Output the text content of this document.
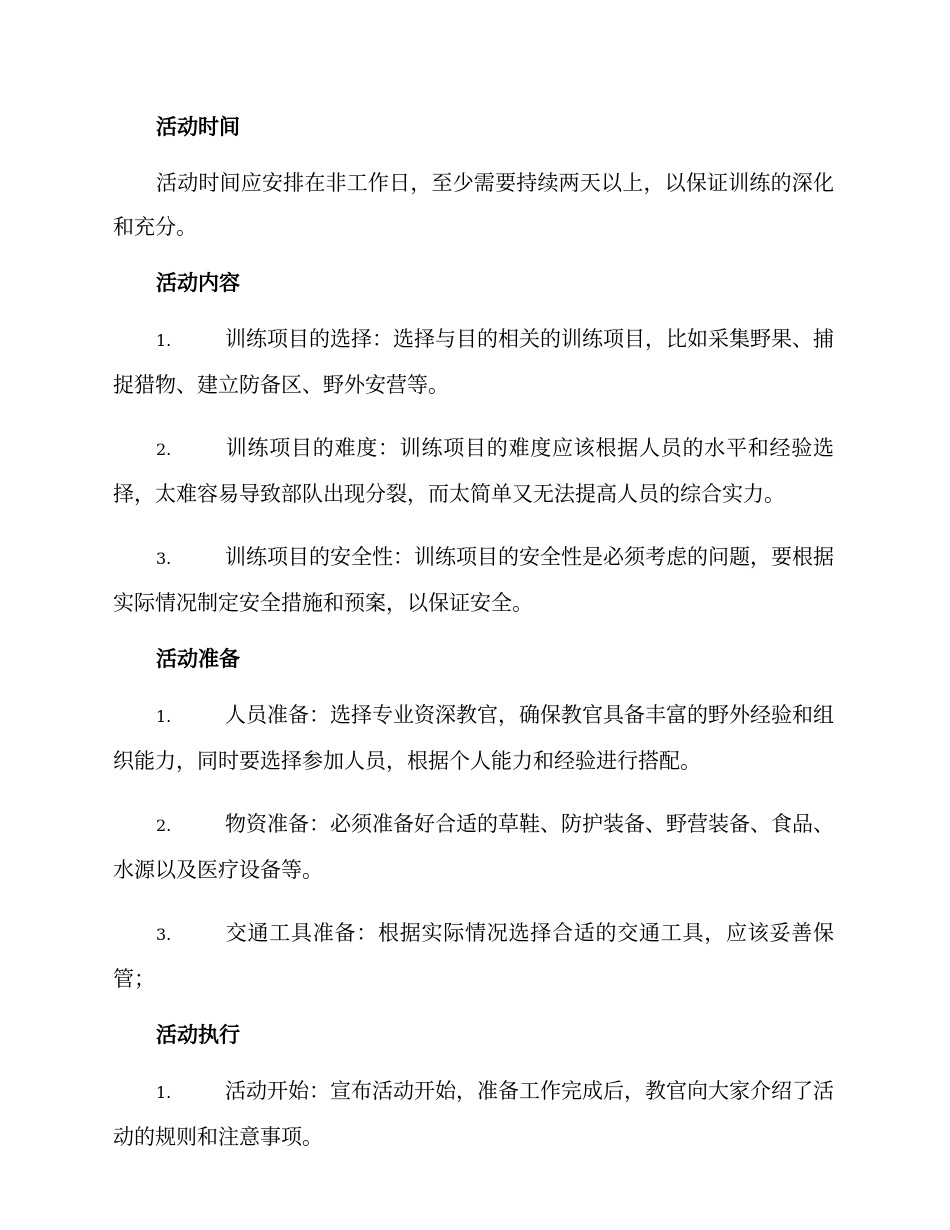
活动时间

活动时间应安排在非工作日，至少需要持续两天以上，以保证训练的深化和充分。

活动内容

1.	训练项目的选择：选择与目的相关的训练项目，比如采集野果、捕捉猎物、建立防备区、野外安营等。

2.	训练项目的难度：训练项目的难度应该根据人员的水平和经验选择，太难容易导致部队出现分裂，而太简单又无法提高人员的综合实力。

3.	训练项目的安全性：训练项目的安全性是必须考虑的问题，要根据实际情况制定安全措施和预案，以保证安全。

活动准备

1.	人员准备：选择专业资深教官，确保教官具备丰富的野外经验和组织能力，同时要选择参加人员，根据个人能力和经验进行搭配。

2.	物资准备：必须准备好合适的草鞋、防护装备、野营装备、食品、水源以及医疗设备等。

3.	交通工具准备：根据实际情况选择合适的交通工具，应该妥善保管；

活动执行

1.	活动开始：宣布活动开始，准备工作完成后，教官向大家介绍了活动的规则和注意事项。
